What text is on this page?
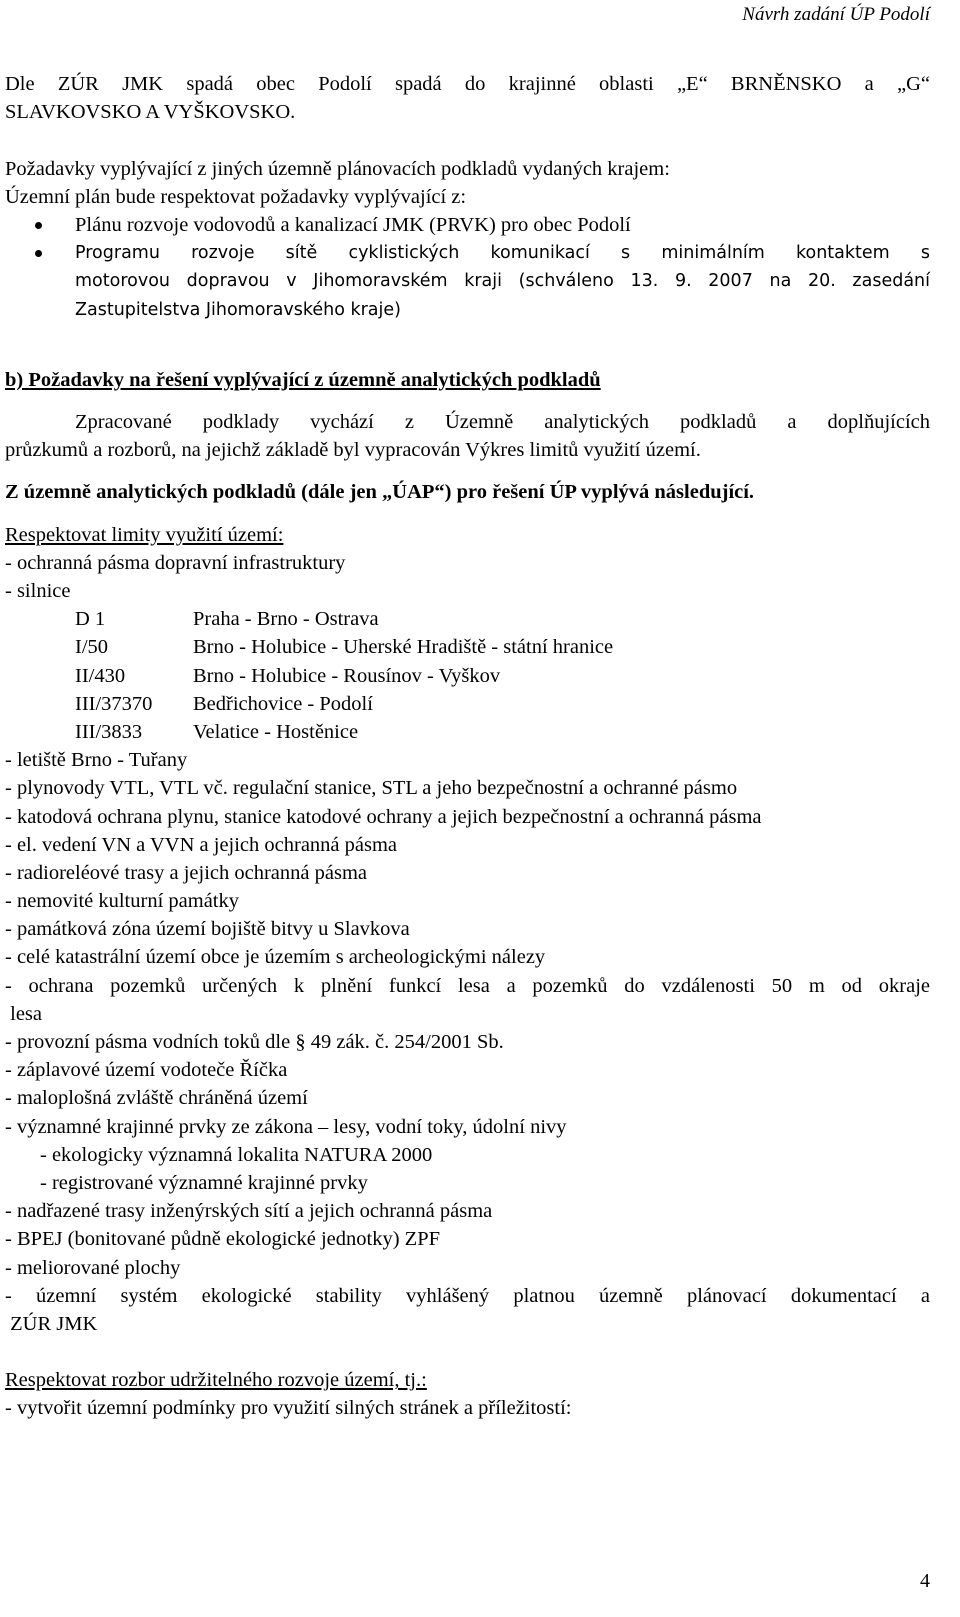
Návrh zadání ÚP Podolí
Dle ZÚR JMK spadá obec Podolí spadá do krajinné oblasti „E“ BRNĚNSKO a „G“
SLAVKOVSKO A VYŠKOVSKO.
Požadavky vyplývající z jiných územně plánovacích podkladů vydaných krajem:
Územní plán bude respektovat požadavky vyplývající z:
Plánu rozvoje vodovodů a kanalizací JMK (PRVK) pro obec Podolí
Programu rozvoje sítě cyklistických komunikací s minimálním kontaktem s
motorovou dopravou v Jihomoravském kraji (schváleno 13. 9. 2007 na 20. zasedání
Zastupitelstva Jihomoravského kraje)
b) Požadavky na řešení vyplývající z územně analytických podkladů
Zpracované podklady vychází z Územně analytických podkladů a doplňujících
průzkumů a rozborů, na jejichž základě byl vypracován Výkres limitů využití území.
Z územně analytických podkladů (dále jen „ÚAP“) pro řešení ÚP vyplývá následující.
Respektovat limity využití území:
- ochranná pásma dopravní infrastruktury
- silnice
D 1	Praha - Brno - Ostrava
I/50	Brno - Holubice - Uherské Hradiště - státní hranice
II/430	Brno - Holubice - Rousínov - Vyškov
III/37370	Bedřichovice - Podolí
III/3833	Velatice - Hostěnice
- letiště Brno - Tuřany
- plynovody VTL, VTL vč. regulační stanice, STL a jeho bezpečnostní a ochranné pásmo
- katodová ochrana plynu, stanice katodové ochrany a jejich bezpečnostní a ochranná pásma
- el. vedení VN a VVN a jejich ochranná pásma
- radioreléové trasy a jejich ochranná pásma
- nemovité kulturní památky
- památková zóna území bojiště bitvy u Slavkova
- celé katastrální území obce je územím s archeologickými nálezy
- ochrana pozemků určených k plnění funkcí lesa a pozemků do vzdálenosti 50 m od okraje
lesa
- provozní pásma vodních toků dle § 49 zák. č. 254/2001 Sb.
- záplavové území vodoteče Říčka
- maloplošná zvláště chráněná území
- významné krajinné prvky ze zákona – lesy, vodní toky, údolní nivy
- ekologicky významná lokalita NATURA 2000
- registrované významné krajinné prvky
- nadřazené trasy inženýrských sítí a jejich ochranná pásma
- BPEJ (bonitované půdně ekologické jednotky) ZPF
- meliorované plochy
- územní systém ekologické stability vyhlášený platnou územně plánovací dokumentací a
ZÚR JMK
Respektovat rozbor udržitelného rozvoje území, tj.:
- vytvořit územní podmínky pro využití silných stránek a příležitostí:
4
